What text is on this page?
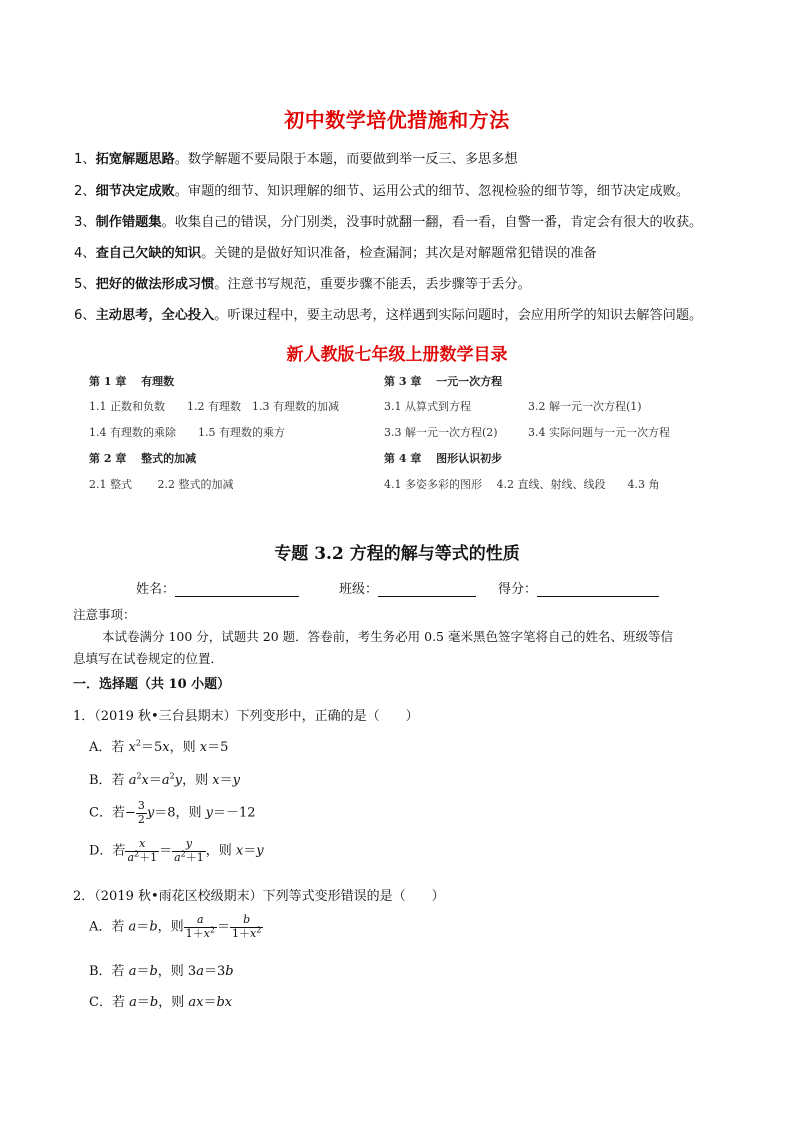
初中数学培优措施和方法
1、拓宽解题思路。数学解题不要局限于本题，而要做到举一反三、多思多想
2、细节决定成败。审题的细节、知识理解的细节、运用公式的细节、忽视检验的细节等，细节决定成败。
3、制作错题集。收集自己的错误，分门别类，没事时就翻一翻，看一看，自警一番，肯定会有很大的收获。
4、查自己欠缺的知识。关键的是做好知识准备，检查漏洞；其次是对解题常犯错误的准备
5、把好的做法形成习惯。注意书写规范，重要步骤不能丢，丢步骤等于丢分。
6、主动思考，全心投入。听课过程中，要主动思考，这样遇到实际问题时，会应用所学的知识去解答问题。
新人教版七年级上册数学目录
第 1 章　 有理数
1.1 正数和负数　　1.2 有理数　1.3 有理数的加减
1.4 有理数的乘除　　1.5 有理数的乘方
第 2 章　 整式的加减
2.1 整式　　 2.2 整式的加减
第 3 章　 一元一次方程
3.1 从算式到方程	3.2 解一元一次方程(1)
3.3 解一元一次方程(2)	3.4 实际问题与一元一次方程
第 4 章　 图形认识初步
4.1 多姿多彩的图形　 4.2 直线、射线、线段　　4.3 角
专题 3.2 方程的解与等式的性质
姓名：	班级：	得分：
注意事项：
本试卷满分 100 分，试题共 20 题．答卷前，考生务必用 0.5 毫米黑色签字笔将自己的姓名、班级等信
息填写在试卷规定的位置．
一．选择题（共 10 小题）
1．（2019 秋•三台县期末）下列变形中，正确的是（　　）
A．若 $x^2=5x$，则 x＝5
B．若 $a^2x=a^2y$，则 x＝y
C．若− $\frac{3}{2} y=8$，则 y＝－12
D．若 $\frac{x}{a^2+1} = \frac{y}{a^2+1}$ ，则 x＝y
2．（2019 秋•雨花区校级期末）下列等式变形错误的是（　　）
A．若 a＝b，则 $\frac{a}{1+x^2} = \frac{b}{1+x^2}$
B．若 a＝b，则 3a＝3b
C．若 a＝b，则 ax＝bx
